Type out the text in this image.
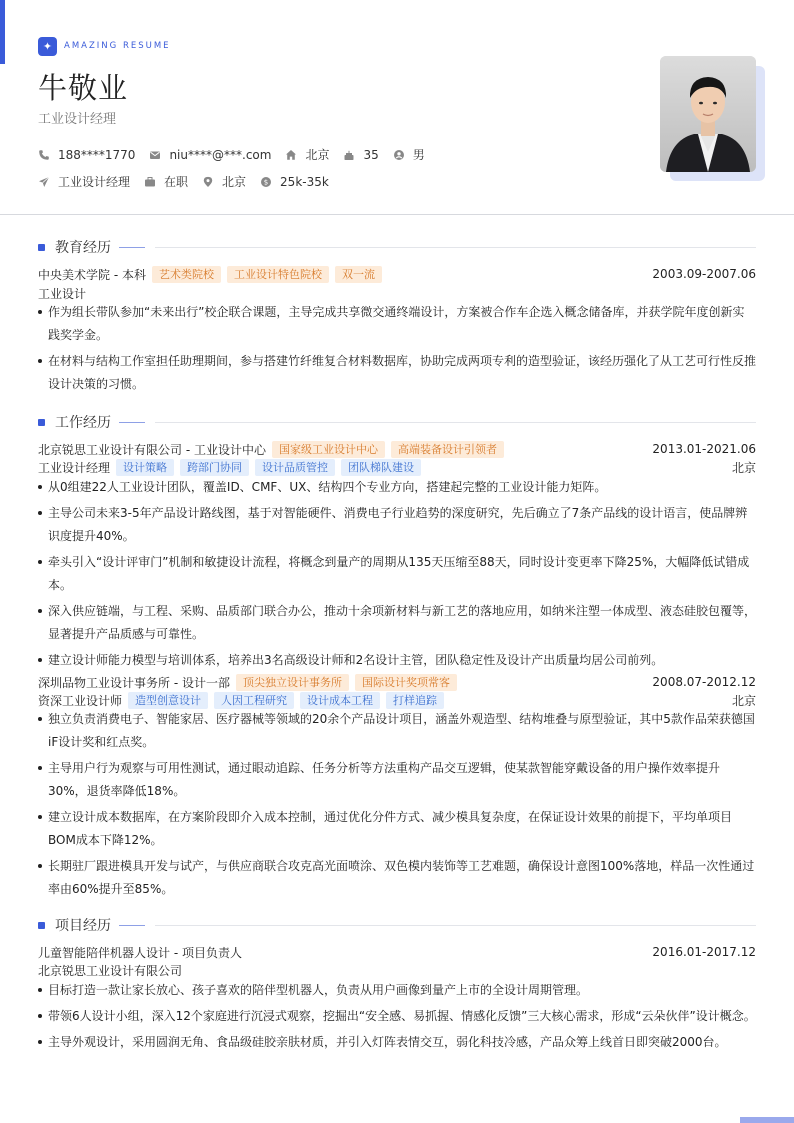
✦	AMAZING RESUME
牛敬业
工业设计经理
188****1770	niu****@***.com	北京	35	男
工业设计经理	在职	北京	$ 25k-35k
教育经历
中央美术学院 - 本科	艺术类院校	工业设计特色院校	双一流	2003.09-2007.06
工业设计
作为组长带队参加“未来出行”校企联合课题，主导完成共享微交通终端设计，方案被合作车企选入概念储备库，并获学院年度创新实践奖学金。
在材料与结构工作室担任助理期间，参与搭建竹纤维复合材料数据库，协助完成两项专利的造型验证，该经历强化了从工艺可行性反推设计决策的习惯。
工作经历
北京锐思工业设计有限公司 - 工业设计中心	国家级工业设计中心	高端装备设计引领者	2013.01-2021.06
工业设计经理	设计策略	跨部门协同	设计品质管控	团队梯队建设	北京
从0组建22人工业设计团队，覆盖ID、CMF、UX、结构四个专业方向，搭建起完整的工业设计能力矩阵。
主导公司未来3-5年产品设计路线图，基于对智能硬件、消费电子行业趋势的深度研究，先后确立了7条产品线的设计语言，使品牌辨识度提升40%。
牵头引入“设计评审门”机制和敏捷设计流程，将概念到量产的周期从135天压缩至88天，同时设计变更率下降25%，大幅降低试错成本。
深入供应链端，与工程、采购、品质部门联合办公，推动十余项新材料与新工艺的落地应用，如纳米注塑一体成型、液态硅胶包覆等，显著提升产品质感与可靠性。
建立设计师能力模型与培训体系，培养出3名高级设计师和2名设计主管，团队稳定性及设计产出质量均居公司前列。
深圳品物工业设计事务所 - 设计一部	顶尖独立设计事务所	国际设计奖项常客	2008.07-2012.12
资深工业设计师	造型创意设计	人因工程研究	设计成本工程	打样追踪	北京
独立负责消费电子、智能家居、医疗器械等领域的20余个产品设计项目，涵盖外观造型、结构堆叠与原型验证，其中5款作品荣获德国iF设计奖和红点奖。
主导用户行为观察与可用性测试，通过眼动追踪、任务分析等方法重构产品交互逻辑，使某款智能穿戴设备的用户操作效率提升30%，退货率降低18%。
建立设计成本数据库，在方案阶段即介入成本控制，通过优化分件方式、减少模具复杂度，在保证设计效果的前提下，平均单项目BOM成本下降12%。
长期驻厂跟进模具开发与试产，与供应商联合攻克高光面喷涂、双色模内装饰等工艺难题，确保设计意图100%落地，样品一次性通过率由60%提升至85%。
项目经历
儿童智能陪伴机器人设计 - 项目负责人	2016.01-2017.12
北京锐思工业设计有限公司
目标打造一款让家长放心、孩子喜欢的陪伴型机器人，负责从用户画像到量产上市的全设计周期管理。
带领6人设计小组，深入12个家庭进行沉浸式观察，挖掘出“安全感、易抓握、情感化反馈”三大核心需求，形成“云朵伙伴”设计概念。
主导外观设计，采用圆润无角、食品级硅胶亲肤材质，并引入灯阵表情交互，弱化科技冷感，产品众筹上线首日即突破2000台。
